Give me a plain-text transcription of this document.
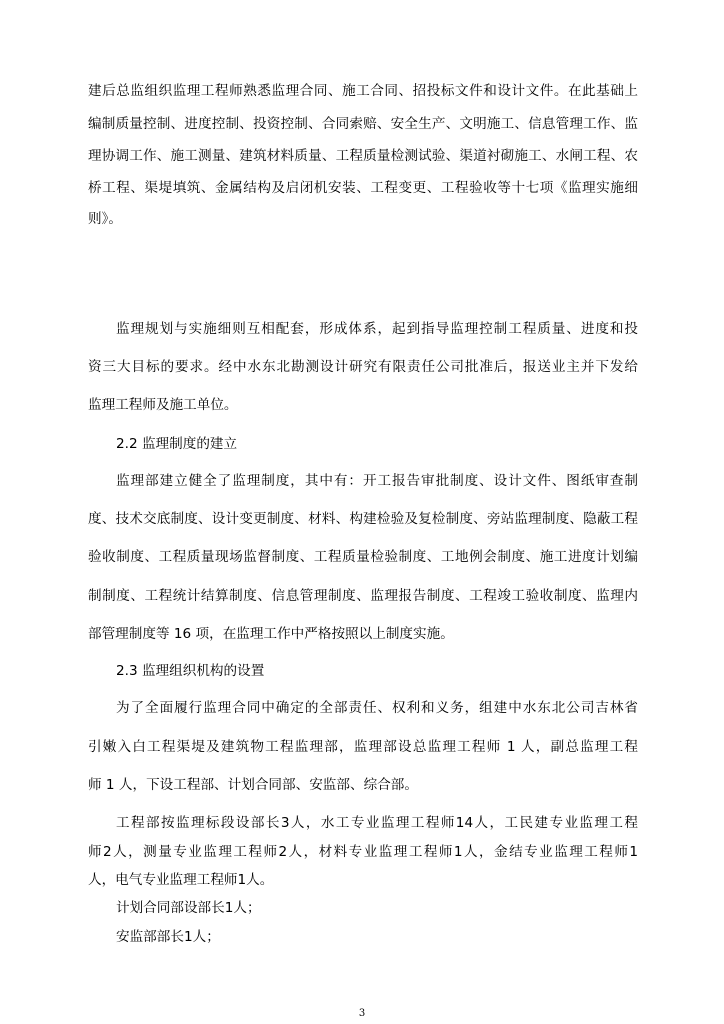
建后总监组织监理工程师熟悉监理合同、施工合同、招投标文件和设计文件。在此基础上
编制质量控制、进度控制、投资控制、合同索赔、安全生产、文明施工、信息管理工作、监
理协调工作、施工测量、建筑材料质量、工程质量检测试验、渠道衬砌施工、水闸工程、农
桥工程、渠堤填筑、金属结构及启闭机安装、工程变更、工程验收等十七项《监理实施细
则》。
监理规划与实施细则互相配套，形成体系，起到指导监理控制工程质量、进度和投
资三大目标的要求。经中水东北勘测设计研究有限责任公司批准后，报送业主并下发给
监理工程师及施工单位。
2.2 监理制度的建立
监理部建立健全了监理制度，其中有：开工报告审批制度、设计文件、图纸审查制
度、技术交底制度、设计变更制度、材料、构建检验及复检制度、旁站监理制度、隐蔽工程
验收制度、工程质量现场监督制度、工程质量检验制度、工地例会制度、施工进度计划编
制制度、工程统计结算制度、信息管理制度、监理报告制度、工程竣工验收制度、监理内
部管理制度等 16 项，在监理工作中严格按照以上制度实施。
2.3 监理组织机构的设置
为了全面履行监理合同中确定的全部责任、权利和义务，组建中水东北公司吉林省
引嫩入白工程渠堤及建筑物工程监理部，监理部设总监理工程师 1 人，副总监理工程
师 1 人，下设工程部、计划合同部、安监部、综合部。
工程部按监理标段设部长3人，水工专业监理工程师14人，工民建专业监理工程
师2人，测量专业监理工程师2人，材料专业监理工程师1人，金结专业监理工程师1
人，电气专业监理工程师1人。
计划合同部设部长1人；
安监部部长1人；
3
